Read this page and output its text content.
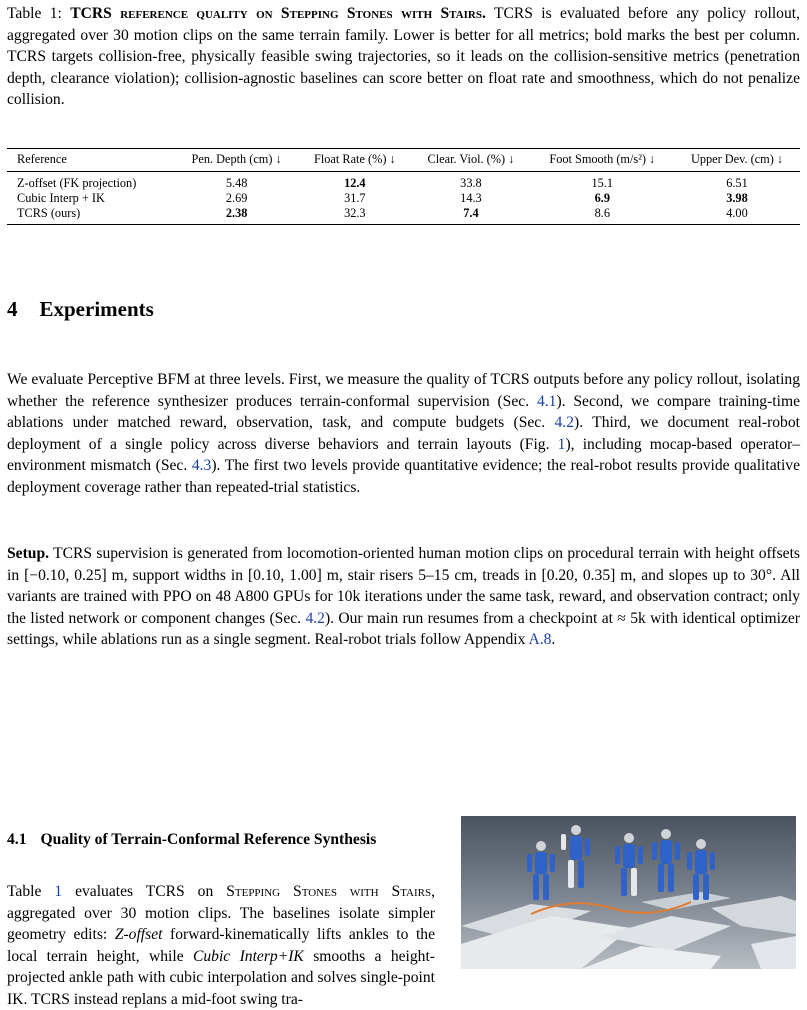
Table 1: TCRS reference quality on Stepping Stones with Stairs. TCRS is evaluated before any policy rollout, aggregated over 30 motion clips on the same terrain family. Lower is better for all metrics; bold marks the best per column. TCRS targets collision-free, physically feasible swing trajectories, so it leads on the collision-sensitive metrics (penetration depth, clearance violation); collision-agnostic baselines can score better on float rate and smoothness, which do not penalize collision.
Reference	Pen. Depth (cm) ↓	Float Rate (%) ↓	Clear. Viol. (%) ↓	Foot Smooth (m/s²) ↓	Upper Dev. (cm) ↓
Z-offset (FK projection)	5.48	12.4	33.8	15.1	6.51
Cubic Interp + IK	2.69	31.7	14.3	6.9	3.98
TCRS (ours)	2.38	32.3	7.4	8.6	4.00
4 Experiments
We evaluate Perceptive BFM at three levels. First, we measure the quality of TCRS outputs before any policy rollout, isolating whether the reference synthesizer produces terrain-conformal supervision (Sec. 4.1). Second, we compare training-time ablations under matched reward, observation, task, and compute budgets (Sec. 4.2). Third, we document real-robot deployment of a single policy across diverse behaviors and terrain layouts (Fig. 1), including mocap-based operator–environment mismatch (Sec. 4.3). The first two levels provide quantitative evidence; the real-robot results provide qualitative deployment coverage rather than repeated-trial statistics.
Setup. TCRS supervision is generated from locomotion-oriented human motion clips on procedural terrain with height offsets in [−0.10, 0.25] m, support widths in [0.10, 1.00] m, stair risers 5–15 cm, treads in [0.20, 0.35] m, and slopes up to 30°. All variants are trained with PPO on 48 A800 GPUs for 10k iterations under the same task, reward, and observation contract; only the listed network or component changes (Sec. 4.2). Our main run resumes from a checkpoint at ≈ 5k with identical optimizer settings, while ablations run as a single segment. Real-robot trials follow Appendix A.8.
4.1 Quality of Terrain-Conformal Reference Synthesis
Table 1 evaluates TCRS on Stepping Stones with Stairs, aggregated over 30 motion clips. The baselines isolate simpler geometry edits: Z-offset forward-kinematically lifts ankles to the local terrain height, while Cubic Interp+IK smooths a height-projected ankle path with cubic interpolation and solves single-point IK. TCRS instead replans a mid-foot swing tra-
